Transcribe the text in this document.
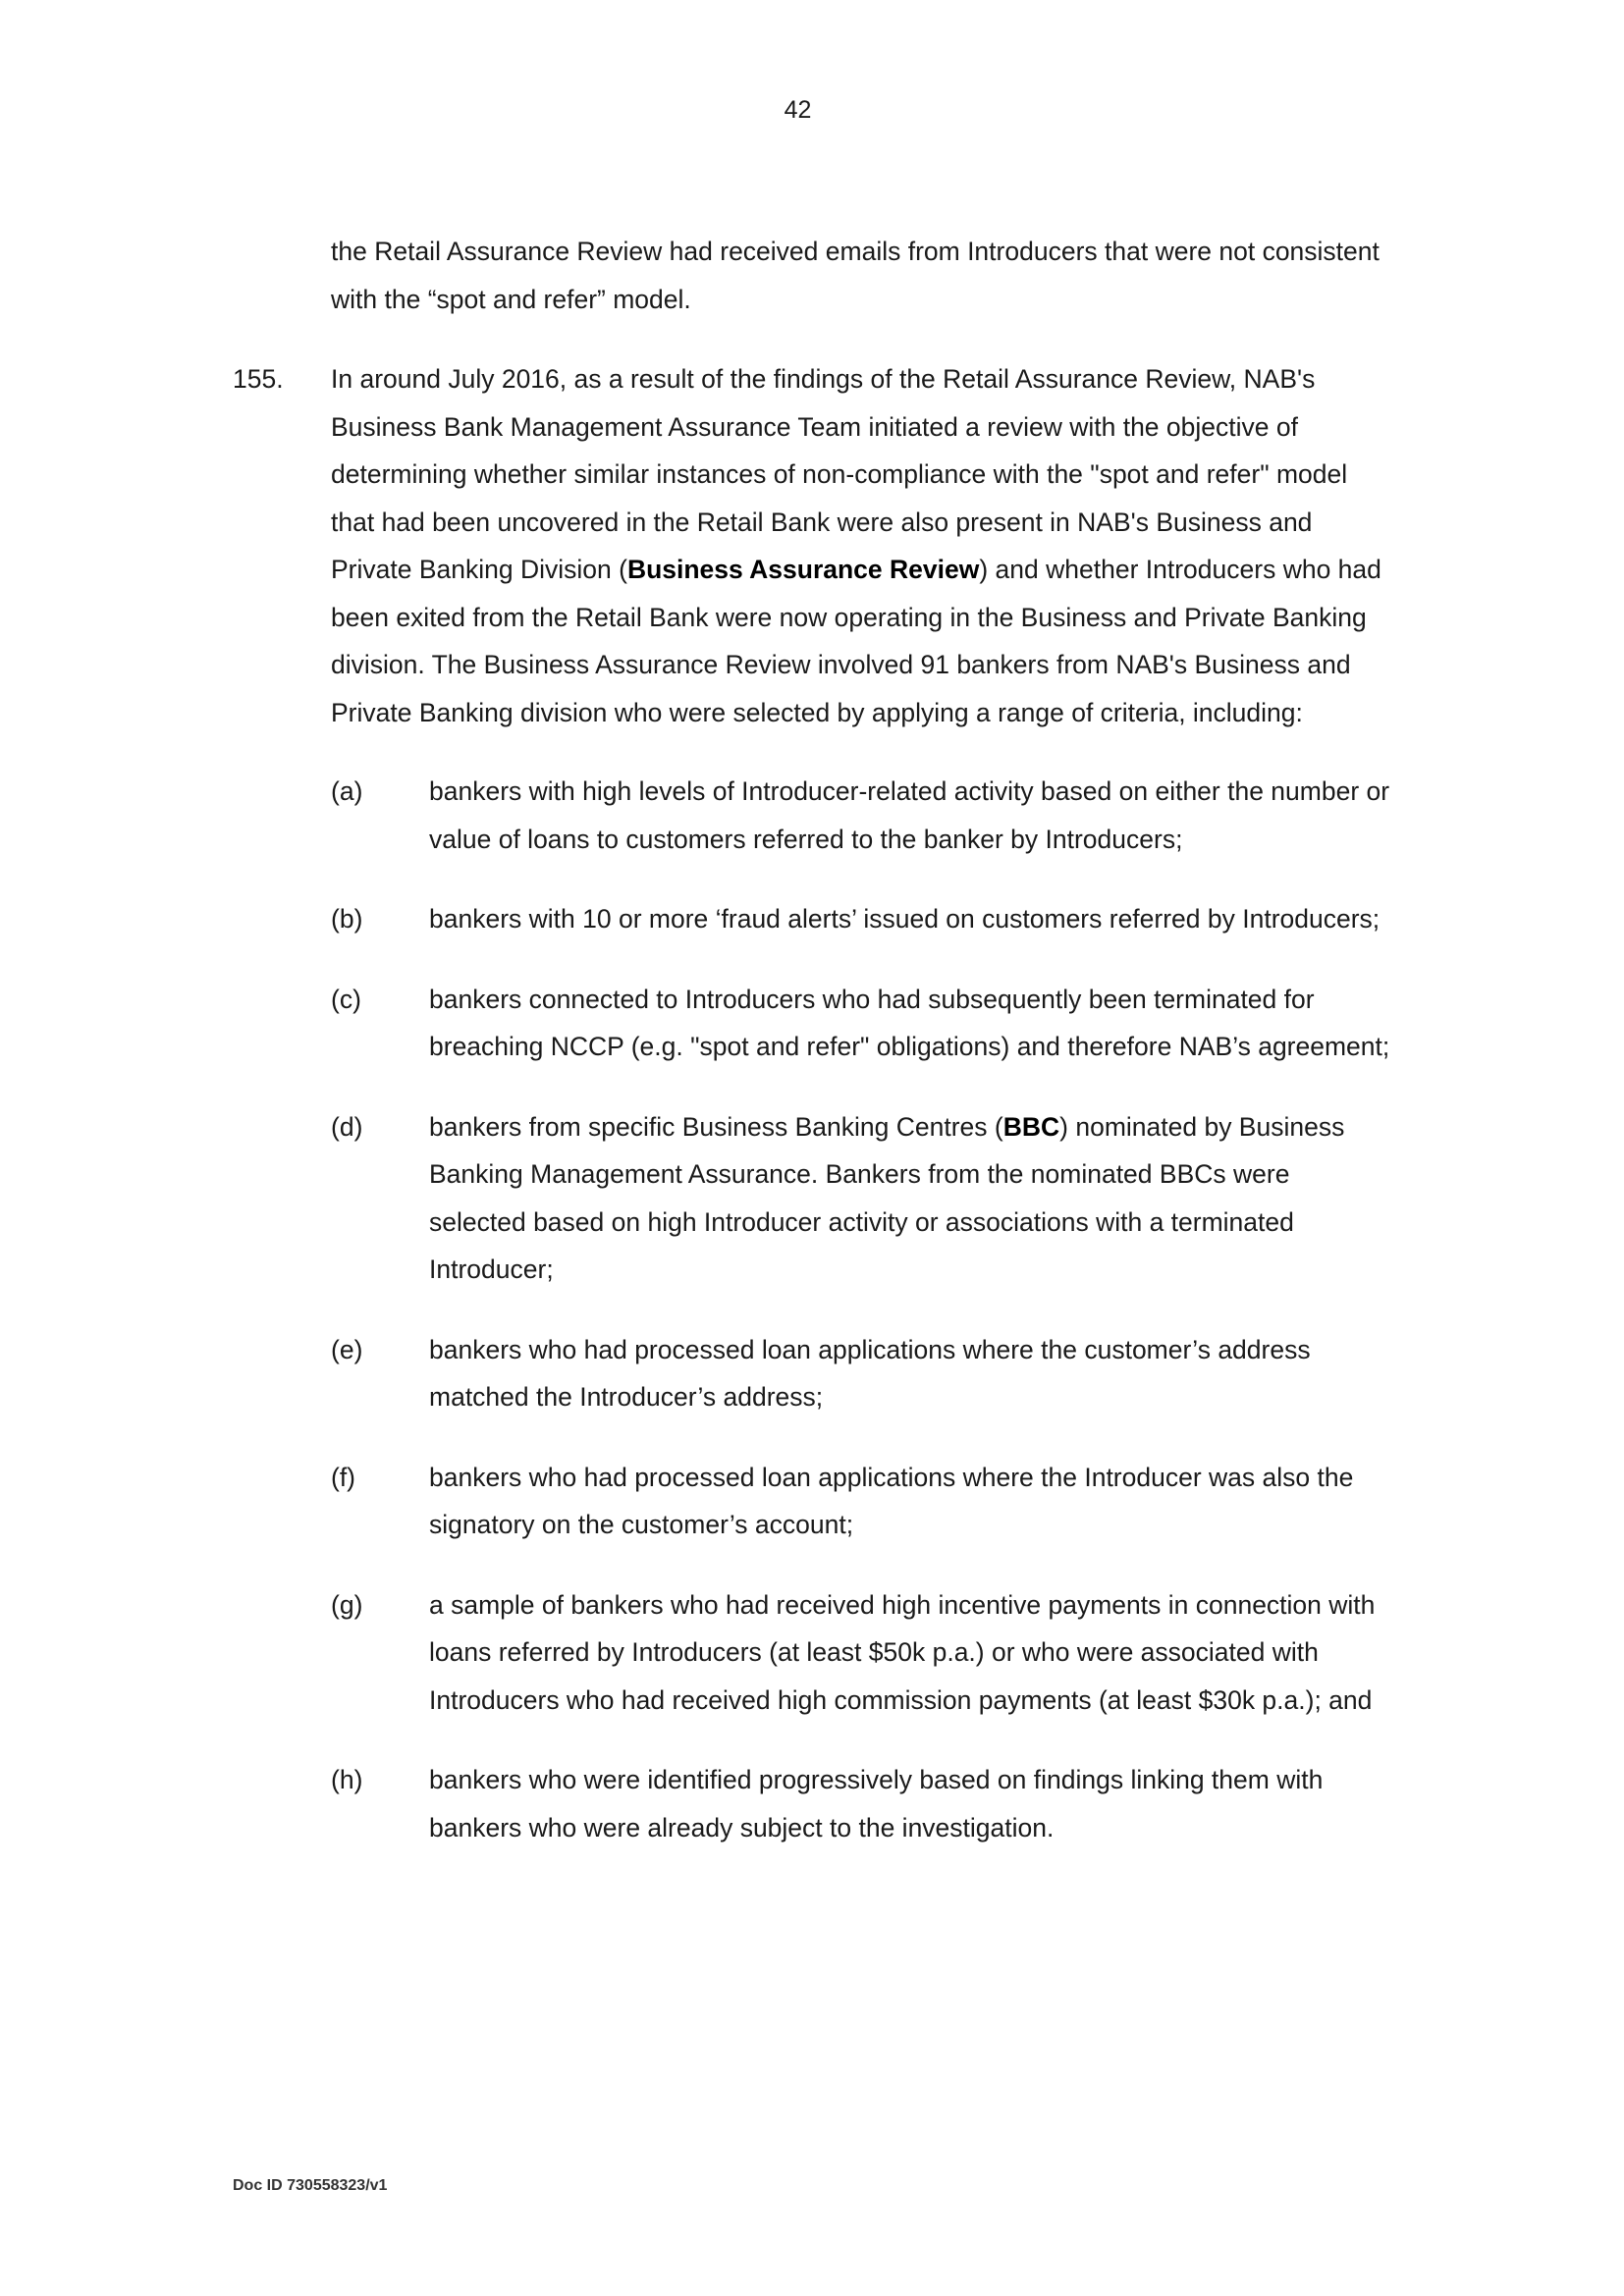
42

the Retail Assurance Review had received emails from Introducers that were not consistent with the “spot and refer” model.

155. In around July 2016, as a result of the findings of the Retail Assurance Review, NAB's Business Bank Management Assurance Team initiated a review with the objective of determining whether similar instances of non-compliance with the "spot and refer" model that had been uncovered in the Retail Bank were also present in NAB's Business and Private Banking Division (Business Assurance Review) and whether Introducers who had been exited from the Retail Bank were now operating in the Business and Private Banking division. The Business Assurance Review involved 91 bankers from NAB's Business and Private Banking division who were selected by applying a range of criteria, including:
(a)	bankers with high levels of Introducer-related activity based on either the number or value of loans to customers referred to the banker by Introducers;
(b)	bankers with 10 or more ‘fraud alerts’ issued on customers referred by Introducers;
(c)	bankers connected to Introducers who had subsequently been terminated for breaching NCCP (e.g. "spot and refer" obligations) and therefore NAB’s agreement;
(d)	bankers from specific Business Banking Centres (BBC) nominated by Business Banking Management Assurance. Bankers from the nominated BBCs were selected based on high Introducer activity or associations with a terminated Introducer;
(e)	bankers who had processed loan applications where the customer’s address matched the Introducer’s address;
(f)	bankers who had processed loan applications where the Introducer was also the signatory on the customer’s account;
(g)	a sample of bankers who had received high incentive payments in connection with loans referred by Introducers (at least $50k p.a.) or who were associated with Introducers who had received high commission payments (at least $30k p.a.); and
(h)	bankers who were identified progressively based on findings linking them with bankers who were already subject to the investigation.
Doc ID 730558323/v1
